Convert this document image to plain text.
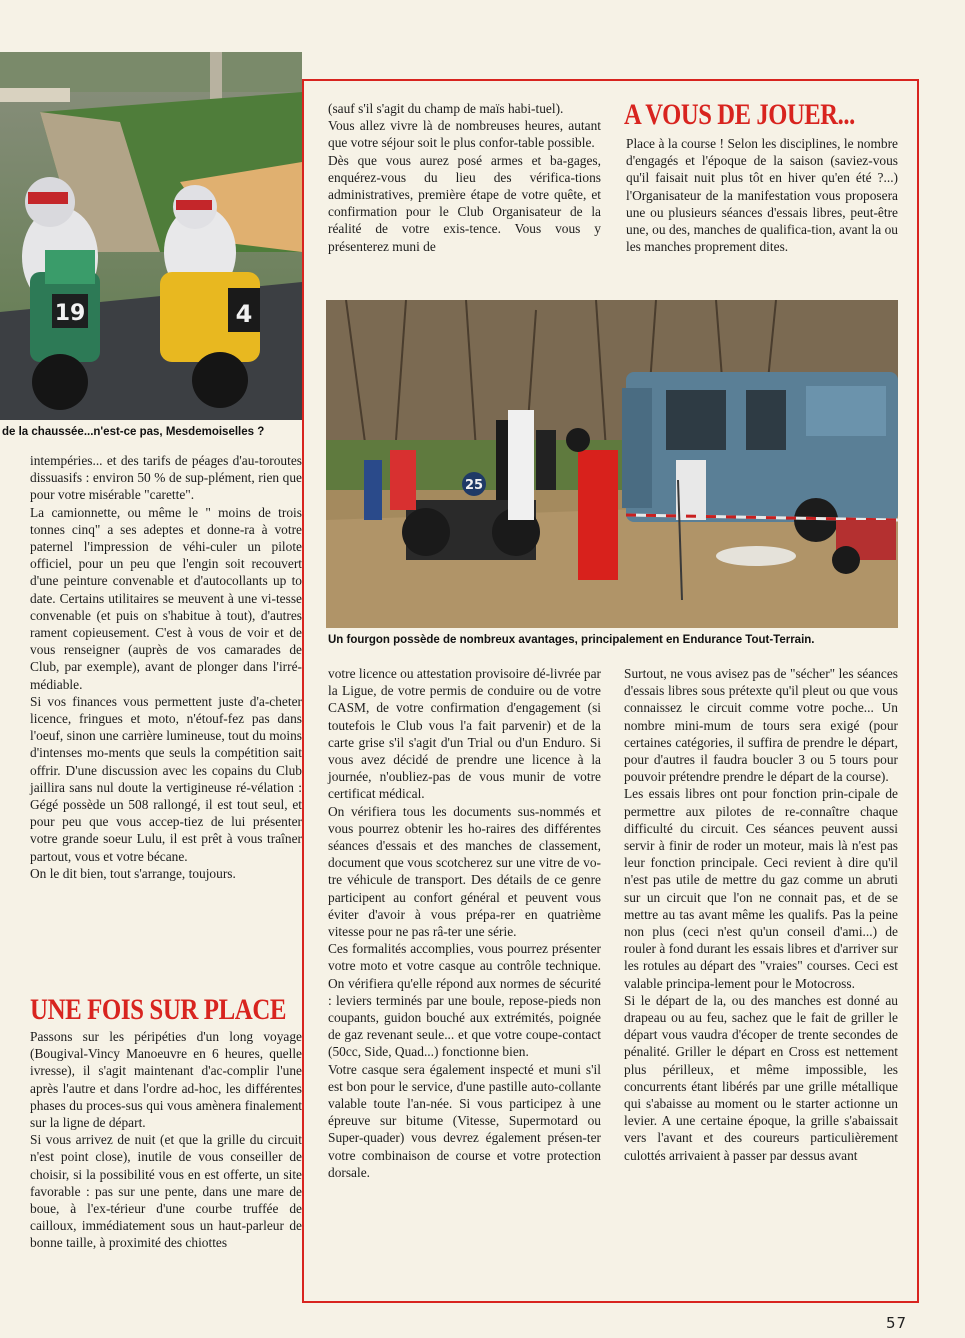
19	4
de la chaussée...n'est-ce pas, Mesdemoiselles ?

(sauf s'il s'agit du champ de maïs habi-tuel).

Vous allez vivre là de nombreuses heures, autant que votre séjour soit le plus confor-table possible.

Dès que vous aurez posé armes et ba-gages, enquérez-vous du lieu des vérifica-tions administratives, première étape de votre quête, et confirmation pour le Club Organisateur de la réalité de votre exis-tence. Vous vous y présenterez muni de

A VOUS DE JOUER...

Place à la course ! Selon les disciplines, le nombre d'engagés et l'époque de la saison (saviez-vous qu'il faisait nuit plus tôt en hiver qu'en été ?...) l'Organisateur de la manifestation vous proposera une ou plusieurs séances d'essais libres, peut-être une, ou des, manches de qualifica-tion, avant la ou les manches proprement dites.

25
Un fourgon possède de nombreux avantages, principalement en Endurance Tout-Terrain.

intempéries... et des tarifs de péages d'au-toroutes dissuasifs : environ 50 % de sup-plément, rien que pour votre misérable "carette".

La camionnette, ou même le " moins de trois tonnes cinq" a ses adeptes et donne-ra à votre paternel l'impression de véhi-culer un pilote officiel, pour un peu que l'engin soit recouvert d'une peinture convenable et d'autocollants up to date. Certains utilitaires se meuvent à une vi-tesse convenable (et puis on s'habitue à tout), d'autres rament copieusement. C'est à vous de voir et de vous renseigner (auprès de vos camarades de Club, par exemple), avant de plonger dans l'irré-médiable.

Si vos finances vous permettent juste d'a-cheter licence, fringues et moto, n'étouf-fez pas dans l'oeuf, sinon une carrière lumineuse, tout du moins d'intenses mo-ments que seuls la compétition sait offrir. D'une discussion avec les copains du Club jaillira sans nul doute la vertigineuse ré-vélation : Gégé possède un 508 rallongé, il est tout seul, et pour peu que vous accep-tiez de lui présenter votre grande soeur Lulu, il est prêt à vous traîner partout, vous et votre bécane.

On le dit bien, tout s'arrange, toujours.

UNE FOIS SUR PLACE

Passons sur les péripéties d'un long voyage (Bougival-Vincy Manoeuvre en 6 heures, quelle ivresse), il s'agit maintenant d'ac-complir l'une après l'autre et dans l'ordre ad-hoc, les différentes phases du proces-sus qui vous amènera finalement sur la ligne de départ.

Si vous arrivez de nuit (et que la grille du circuit n'est point close), inutile de vous conseiller de choisir, si la possibilité vous en est offerte, un site favorable : pas sur une pente, dans une mare de boue, à l'ex-térieur d'une courbe truffée de cailloux, immédiatement sous un haut-parleur de bonne taille, à proximité des chiottes

votre licence ou attestation provisoire dé-livrée par la Ligue, de votre permis de conduire ou de votre CASM, de votre confirmation d'engagement (si toutefois le Club vous l'a fait parvenir) et de la carte grise s'il s'agit d'un Trial ou d'un Enduro. Si vous avez décidé de prendre une licence à la journée, n'oubliez-pas de vous munir de votre certificat médical.

On vérifiera tous les documents sus-nommés et vous pourrez obtenir les ho-raires des différentes séances d'essais et des manches de classement, document que vous scotcherez sur une vitre de vo-tre véhicule de transport. Des détails de ce genre participent au confort général et peuvent vous éviter d'avoir à vous prépa-rer en quatrième vitesse pour ne pas râ-ter une série.

Ces formalités accomplies, vous pourrez présenter votre moto et votre casque au contrôle technique. On vérifiera qu'elle répond aux normes de sécurité : leviers terminés par une boule, repose-pieds non coupants, guidon bouché aux extrémités, poignée de gaz revenant seule... et que votre coupe-contact (50cc, Side, Quad...) fonctionne bien.

Votre casque sera également inspecté et muni s'il est bon pour le service, d'une pastille auto-collante valable toute l'an-née. Si vous participez à une épreuve sur bitume (Vitesse, Supermotard ou Super-quader) vous devrez également présen-ter votre combinaison de course et votre protection dorsale.

Surtout, ne vous avisez pas de "sécher" les séances d'essais libres sous prétexte qu'il pleut ou que vous connaissez le circuit comme votre poche... Un nombre mini-mum de tours sera exigé (pour certaines catégories, il suffira de prendre le départ, pour d'autres il faudra boucler 3 ou 5 tours pour pouvoir prétendre prendre le départ de la course).

Les essais libres ont pour fonction prin-cipale de permettre aux pilotes de re-connaître chaque difficulté du circuit. Ces séances peuvent aussi servir à finir de roder un moteur, mais là n'est pas leur fonction principale. Ceci revient à dire qu'il n'est pas utile de mettre du gaz comme un abruti sur un circuit que l'on ne connait pas, et de se mettre au tas avant même les qualifs. Pas la peine non plus (ceci n'est qu'un conseil d'ami...) de rouler à fond durant les essais libres et d'arriver sur les rotules au départ des "vraies" courses. Ceci est valable principa-lement pour le Motocross.

Si le départ de la, ou des manches est donné au drapeau ou au feu, sachez que le fait de griller le départ vous vaudra d'écoper de trente secondes de pénalité. Griller le départ en Cross est nettement plus périlleux, et même impossible, les concurrents étant libérés par une grille métallique qui s'abaisse au moment ou le starter actionne un levier. A une certaine époque, la grille s'abaissait vers l'avant et des coureurs particulièrement culottés arrivaient à passer par dessus avant

57
